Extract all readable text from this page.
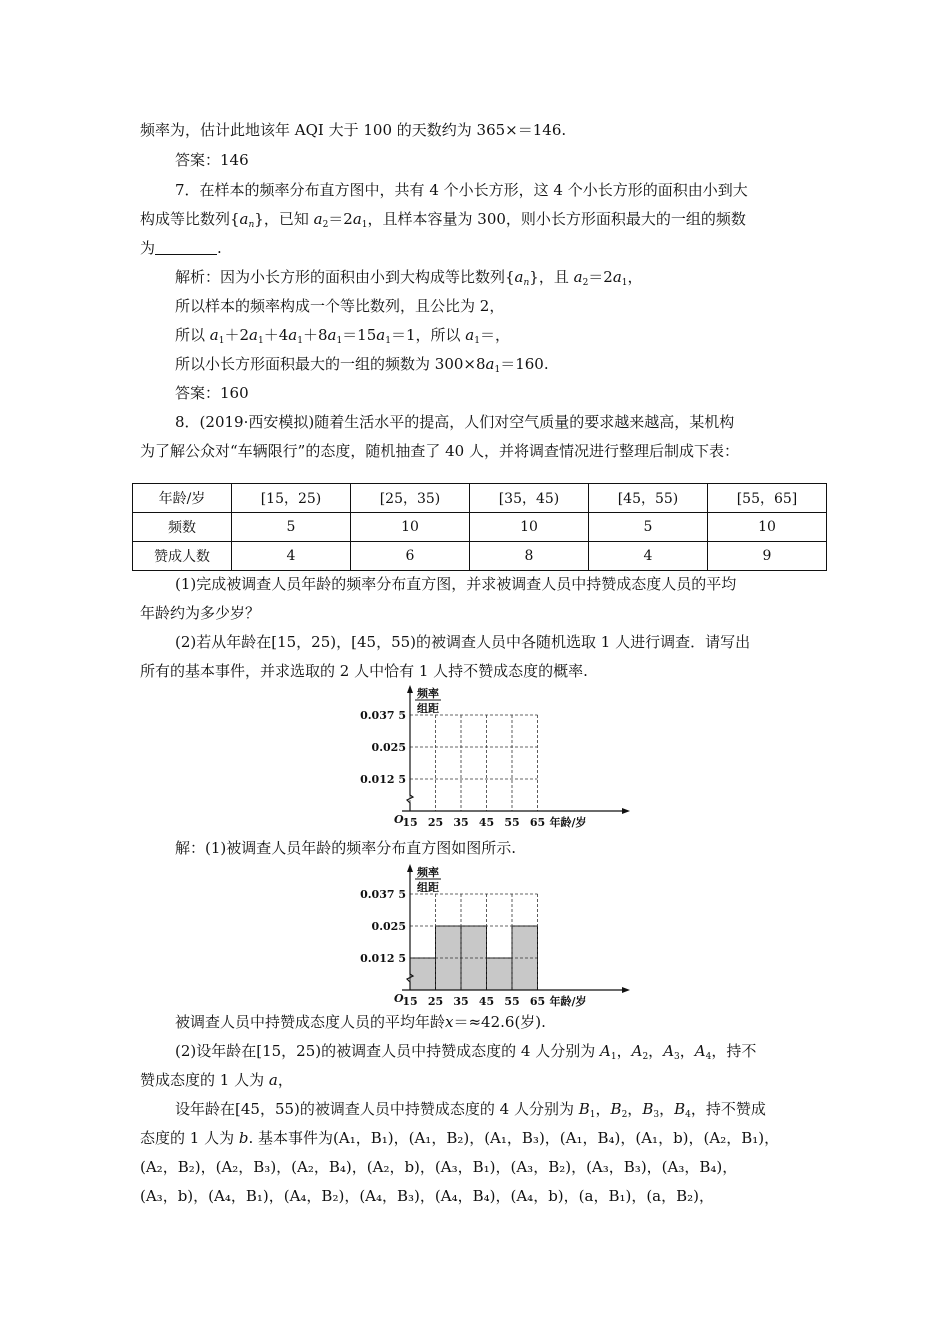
频率为，估计此地该年 AQI 大于 100 的天数约为 365×＝146.
答案：146
7．在样本的频率分布直方图中，共有 4 个小长方形，这 4 个小长方形的面积由小到大
构成等比数列$\{a_n\}$，已知 $a_2=2a_1$，且样本容量为 300，则小长方形面积最大的一组的频数
为	.
解析：因为小长方形的面积由小到大构成等比数列$\{a_n\}$，且 $a_2=2a_1$，
所以样本的频率构成一个等比数列，且公比为 2，
所以 $a_1+2a_1+4a_1+8a_1=15a_1=1$，所以 $a_1=$，
所以小长方形面积最大的一组的频数为 $300\times 8a_1=160$.
答案：160
8．(2019·西安模拟)随着生活水平的提高，人们对空气质量的要求越来越高，某机构
为了解公众对“车辆限行”的态度，随机抽查了 40 人，并将调查情况进行整理后制成下表：
年龄/岁	[15，25)	[25，35)	[35，45)	[45，55)	[55，65]
频数	5	10	10	5	10
赞成人数	4	6	8	4	9
(1)完成被调查人员年龄的频率分布直方图，并求被调查人员中持赞成态度人员的平均
年龄约为多少岁？
(2)若从年龄在[15，25)，[45，55)的被调查人员中各随机选取 1 人进行调查．请写出
所有的基本事件，并求选取的 2 人中恰有 1 人持不赞成态度的概率.
0.012 5
0.025
0.037 5
15 25 35 45 55 65
O	年龄/岁
频率
组距
解：(1)被调查人员年龄的频率分布直方图如图所示.
0.012 5
0.025
0.037 5
15 25 35 45 55 65
O	年龄/岁
频率
组距
被调查人员中持赞成态度人员的平均年龄x＝≈42.6(岁).
(2)设年龄在[15，25)的被调查人员中持赞成态度的 4 人分别为 $A_1$，$A_2$，$A_3$，$A_4$，持不
赞成态度的 1 人为 a，
设年龄在[45，55)的被调查人员中持赞成态度的 4 人分别为 $B_1$，$B_2$，$B_3$，$B_4$，持不赞成
态度的 1 人为 b. 基本事件为(A₁，B₁)，(A₁，B₂)，(A₁，B₃)，(A₁，B₄)，(A₁，b)，(A₂，B₁)，
(A₂，B₂)，(A₂，B₃)，(A₂，B₄)，(A₂，b)，(A₃，B₁)，(A₃，B₂)，(A₃，B₃)，(A₃，B₄)，
(A₃，b)，(A₄，B₁)，(A₄，B₂)，(A₄，B₃)，(A₄，B₄)，(A₄，b)，(a，B₁)，(a，B₂)，
